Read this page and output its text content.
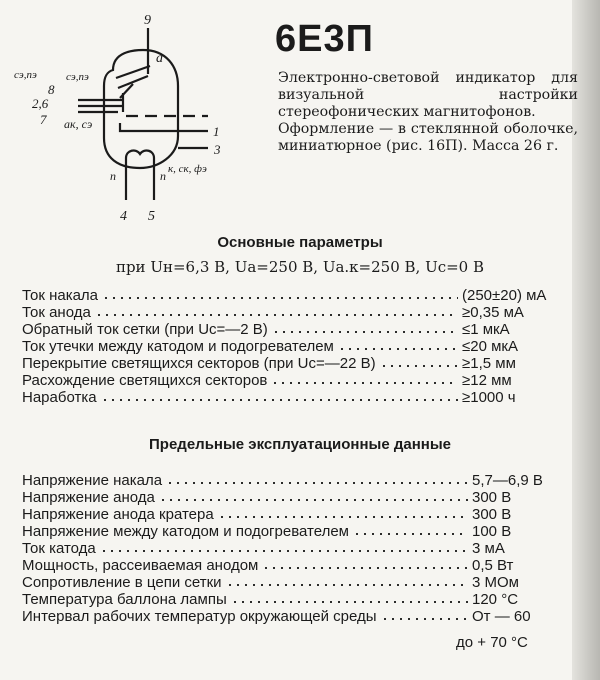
9
a
сэ,пэ	сэ,пэ
8
2,6
7 aк, сэ	1
3
к, ск, фэ
п	п
4 5
6Е3П

Электронно-световой индикатор для визуальной настройки стереофонических магнитофонов.

Оформление — в стеклянной оболочке, миниатюрное (рис. 16П). Масса 26 г.

Основные параметры
при Uн=6,3 В, Uа=250 В, Uа.к=250 В, Uc=0 В
Ток накала	(250±20) мА
Ток анода	≥0,35 мА
Обратный ток сетки (при Uc=—2 В)	≤1 мкА
Ток утечки между катодом и подогревателем	≤20 мкА
Перекрытие светящихся секторов (при Uc=—22 В)	≥1,5 мм
Расхождение светящихся секторов	≥12 мм
Наработка	≥1000 ч
Предельные эксплуатационные данные
Напряжение накала	5,7—6,9 В
Напряжение анода	300 В
Напряжение анода кратера	300 В
Напряжение между катодом и подогревателем	100 В
Ток катода	3 мА
Мощность, рассеиваемая анодом	0,5 Вт
Сопротивление в цепи сетки	3 МОм
Температура баллона лампы	120 °С
Интервал рабочих температур окружающей среды	От — 60
до + 70 °С
